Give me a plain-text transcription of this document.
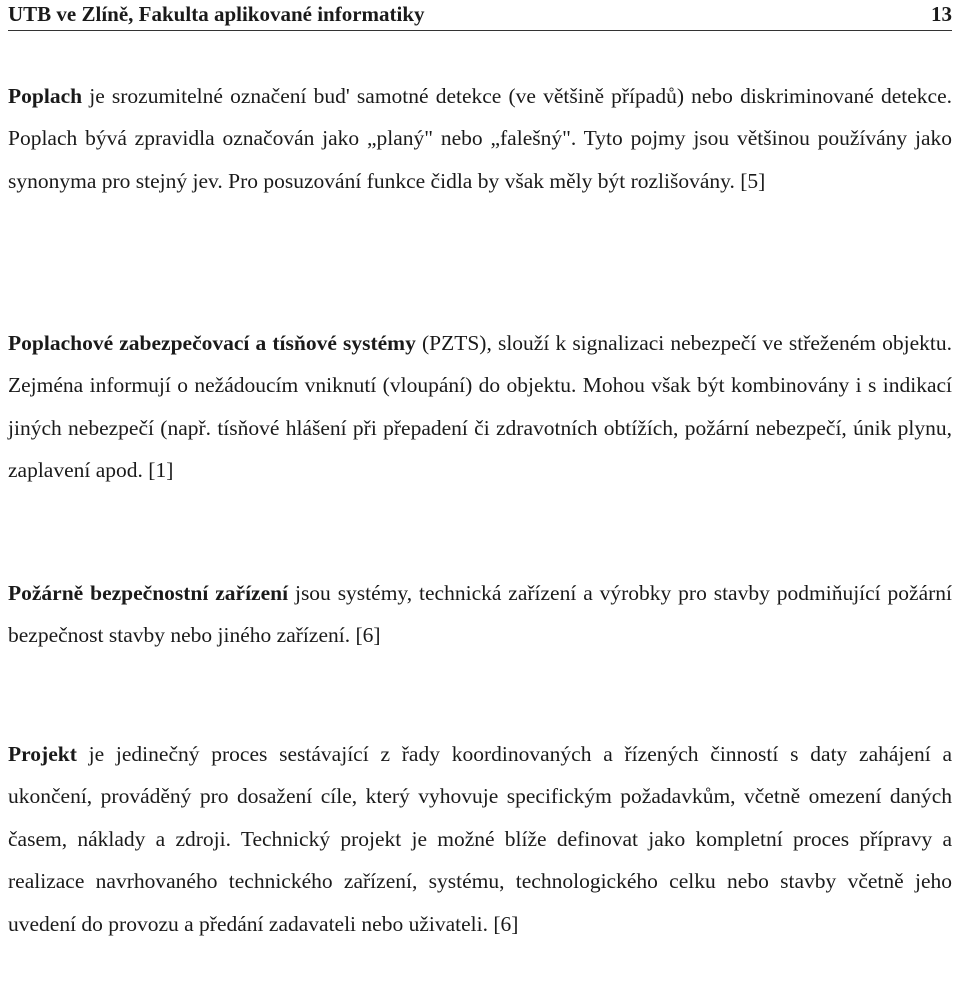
UTB ve Zlíně, Fakulta aplikované informatiky	13

Poplach je srozumitelné označení bud' samotné detekce (ve většině případů) nebo diskriminované detekce. Poplach bývá zpravidla označován jako „planý" nebo „falešný". Tyto pojmy jsou většinou používány jako synonyma pro stejný jev. Pro posuzování funkce čidla by však měly být rozlišovány. [5]

Poplachové zabezpečovací a tísňové systémy (PZTS), slouží k signalizaci nebezpečí ve střeženém objektu. Zejména informují o nežádoucím vniknutí (vloupání) do objektu. Mohou však být kombinovány i s indikací jiných nebezpečí (např. tísňové hlášení při přepadení či zdravotních obtížích, požární nebezpečí, únik plynu, zaplavení apod. [1]

Požárně bezpečnostní zařízení jsou systémy, technická zařízení a výrobky pro stavby podmiňující požární bezpečnost stavby nebo jiného zařízení. [6]

Projekt je jedinečný proces sestávající z řady koordinovaných a řízených činností s daty zahájení a ukončení, prováděný pro dosažení cíle, který vyhovuje specifickým požadavkům, včetně omezení daných časem, náklady a zdroji. Technický projekt je možné blíže definovat jako kompletní proces přípravy a realizace navrhovaného technického zařízení, systému, technologického celku nebo stavby včetně jeho uvedení do provozu a předání zadavateli nebo uživateli. [6]
